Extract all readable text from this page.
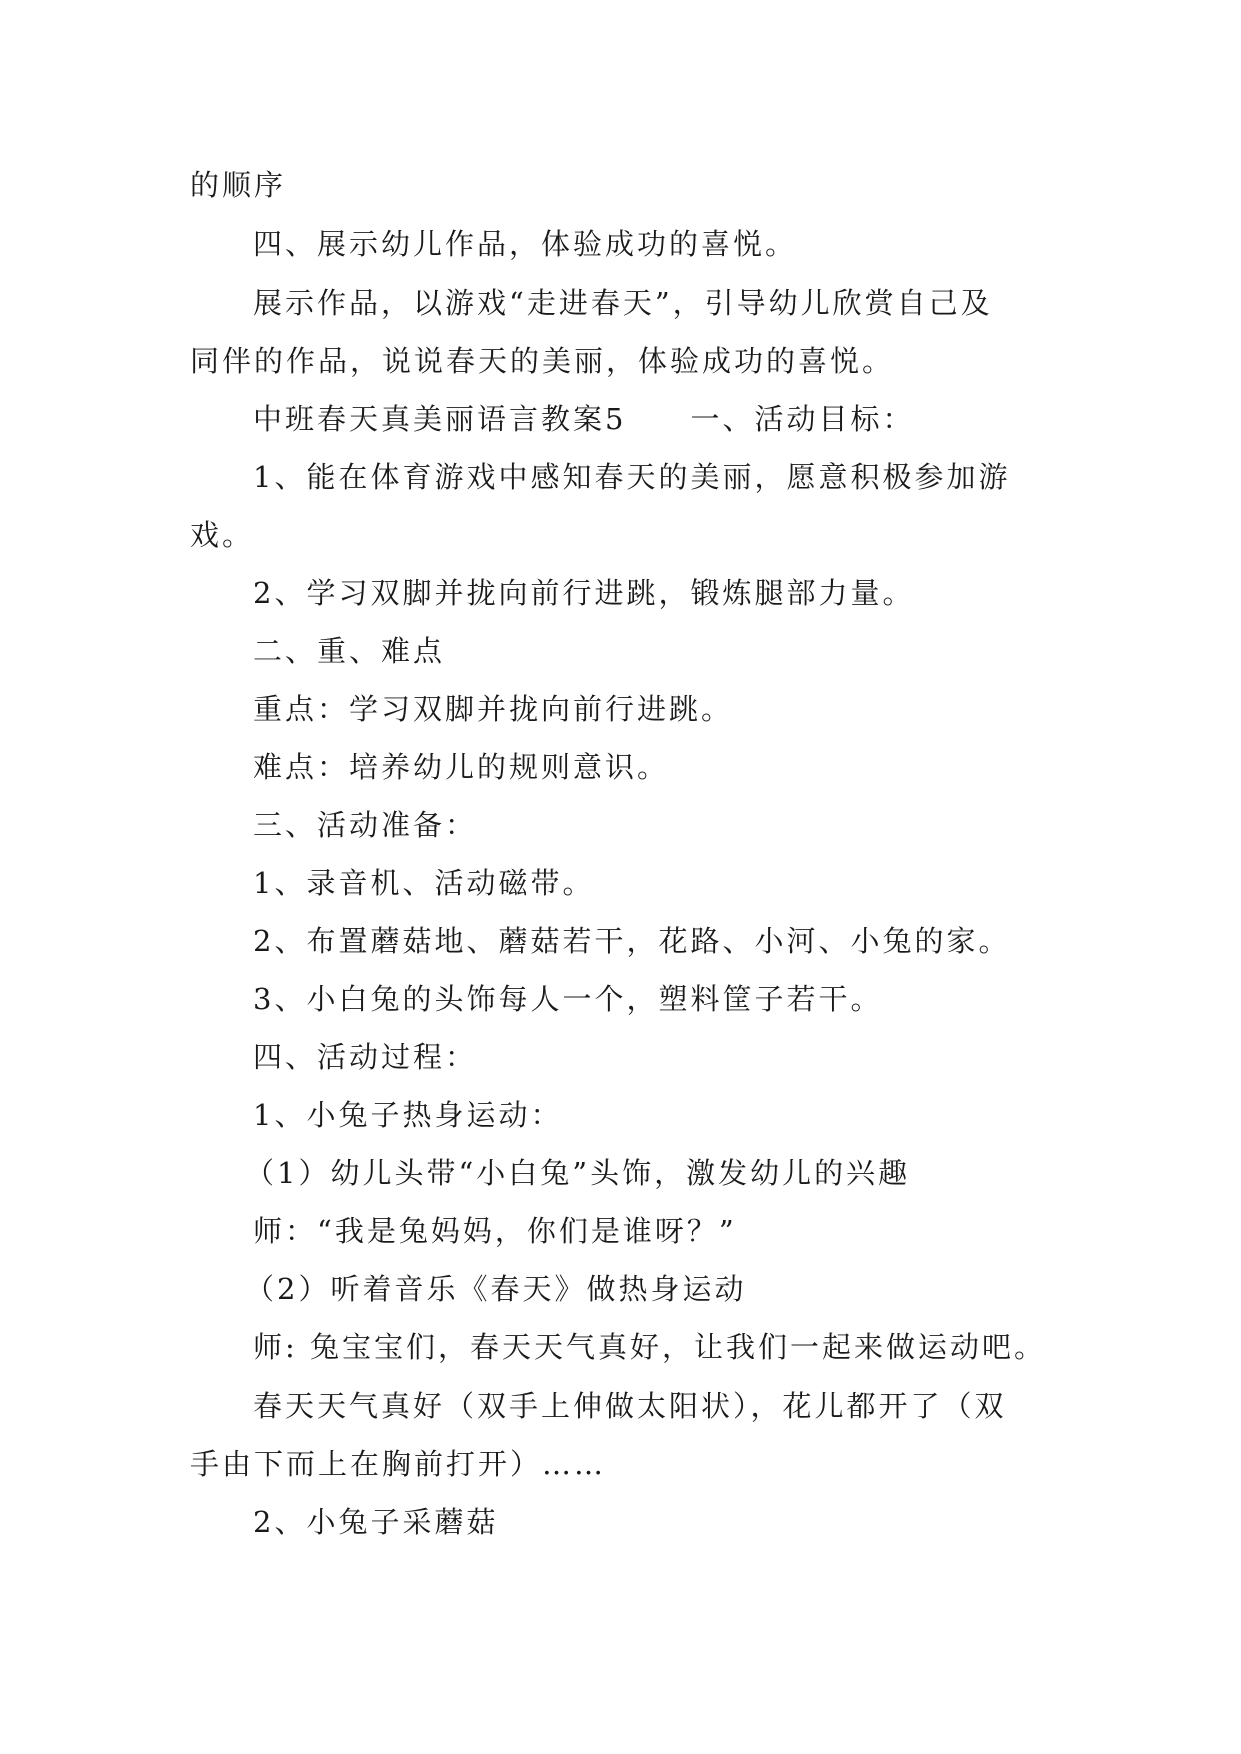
的顺序
四、展示幼儿作品，体验成功的喜悦。
展示作品，以游戏“走进春天”，引导幼儿欣赏自己及
同伴的作品，说说春天的美丽，体验成功的喜悦。
中班春天真美丽语言教案5　　一、活动目标：
1、能在体育游戏中感知春天的美丽，愿意积极参加游
戏。
2、学习双脚并拢向前行进跳，锻炼腿部力量。
二、重、难点
重点：学习双脚并拢向前行进跳。
难点：培养幼儿的规则意识。
三、活动准备：
1、录音机、活动磁带。
2、布置蘑菇地、蘑菇若干，花路、小河、小兔的家。
3、小白兔的头饰每人一个，塑料筐子若干。
四、活动过程：
1、小兔子热身运动：
（1）幼儿头带“小白兔”头饰，激发幼儿的兴趣
师：“我是兔妈妈，你们是谁呀？”
（2）听着音乐《春天》做热身运动
师: 兔宝宝们，春天天气真好，让我们一起来做运动吧。
春天天气真好（双手上伸做太阳状），花儿都开了（双
手由下而上在胸前打开）……
2、小兔子采蘑菇
